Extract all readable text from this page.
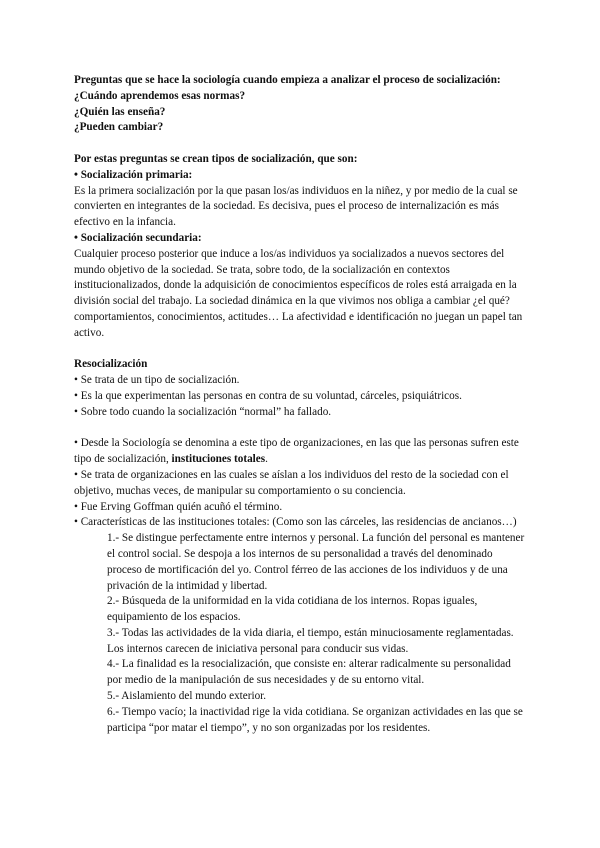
Preguntas que se hace la sociología cuando empieza a analizar el proceso de socialización:
¿Cuándo aprendemos esas normas?
¿Quién las enseña?
¿Pueden cambiar?
Por estas preguntas se crean tipos de socialización, que son:
• Socialización primaria:
Es la primera socialización por la que pasan los/as individuos en la niñez, y por medio de la cual se convierten en integrantes de la sociedad. Es decisiva, pues el proceso de internalización es más efectivo en la infancia.
• Socialización secundaria:
Cualquier proceso posterior que induce a los/as individuos ya socializados a nuevos sectores del mundo objetivo de la sociedad. Se trata, sobre todo, de la socialización en contextos institucionalizados, donde la adquisición de conocimientos específicos de roles está arraigada en la división social del trabajo. La sociedad dinámica en la que vivimos nos obliga a cambiar ¿el qué? comportamientos, conocimientos, actitudes… La afectividad e identificación no juegan un papel tan activo.
Resocialización
• Se trata de un tipo de socialización.
• Es la que experimentan las personas en contra de su voluntad, cárceles, psiquiátricos.
• Sobre todo cuando la socialización “normal” ha fallado.
• Desde la Sociología se denomina a este tipo de organizaciones, en las que las personas sufren este tipo de socialización, instituciones totales.
• Se trata de organizaciones en las cuales se aíslan a los individuos del resto de la sociedad con el objetivo, muchas veces, de manipular su comportamiento o su conciencia.
• Fue Erving Goffman quién acuñó el término.
• Características de las instituciones totales: (Como son las cárceles, las residencias de ancianos…)
1.- Se distingue perfectamente entre internos y personal. La función del personal es mantener el control social. Se despoja a los internos de su personalidad a través del denominado proceso de mortificación del yo. Control férreo de las acciones de los individuos y de una privación de la intimidad y libertad.
2.- Búsqueda de la uniformidad en la vida cotidiana de los internos. Ropas iguales, equipamiento de los espacios.
3.- Todas las actividades de la vida diaria, el tiempo, están minuciosamente reglamentadas. Los internos carecen de iniciativa personal para conducir sus vidas.
4.- La finalidad es la resocialización, que consiste en: alterar radicalmente su personalidad por medio de la manipulación de sus necesidades y de su entorno vital.
5.- Aislamiento del mundo exterior.
6.- Tiempo vacío; la inactividad rige la vida cotidiana. Se organizan actividades en las que se participa “por matar el tiempo”, y no son organizadas por los residentes.
